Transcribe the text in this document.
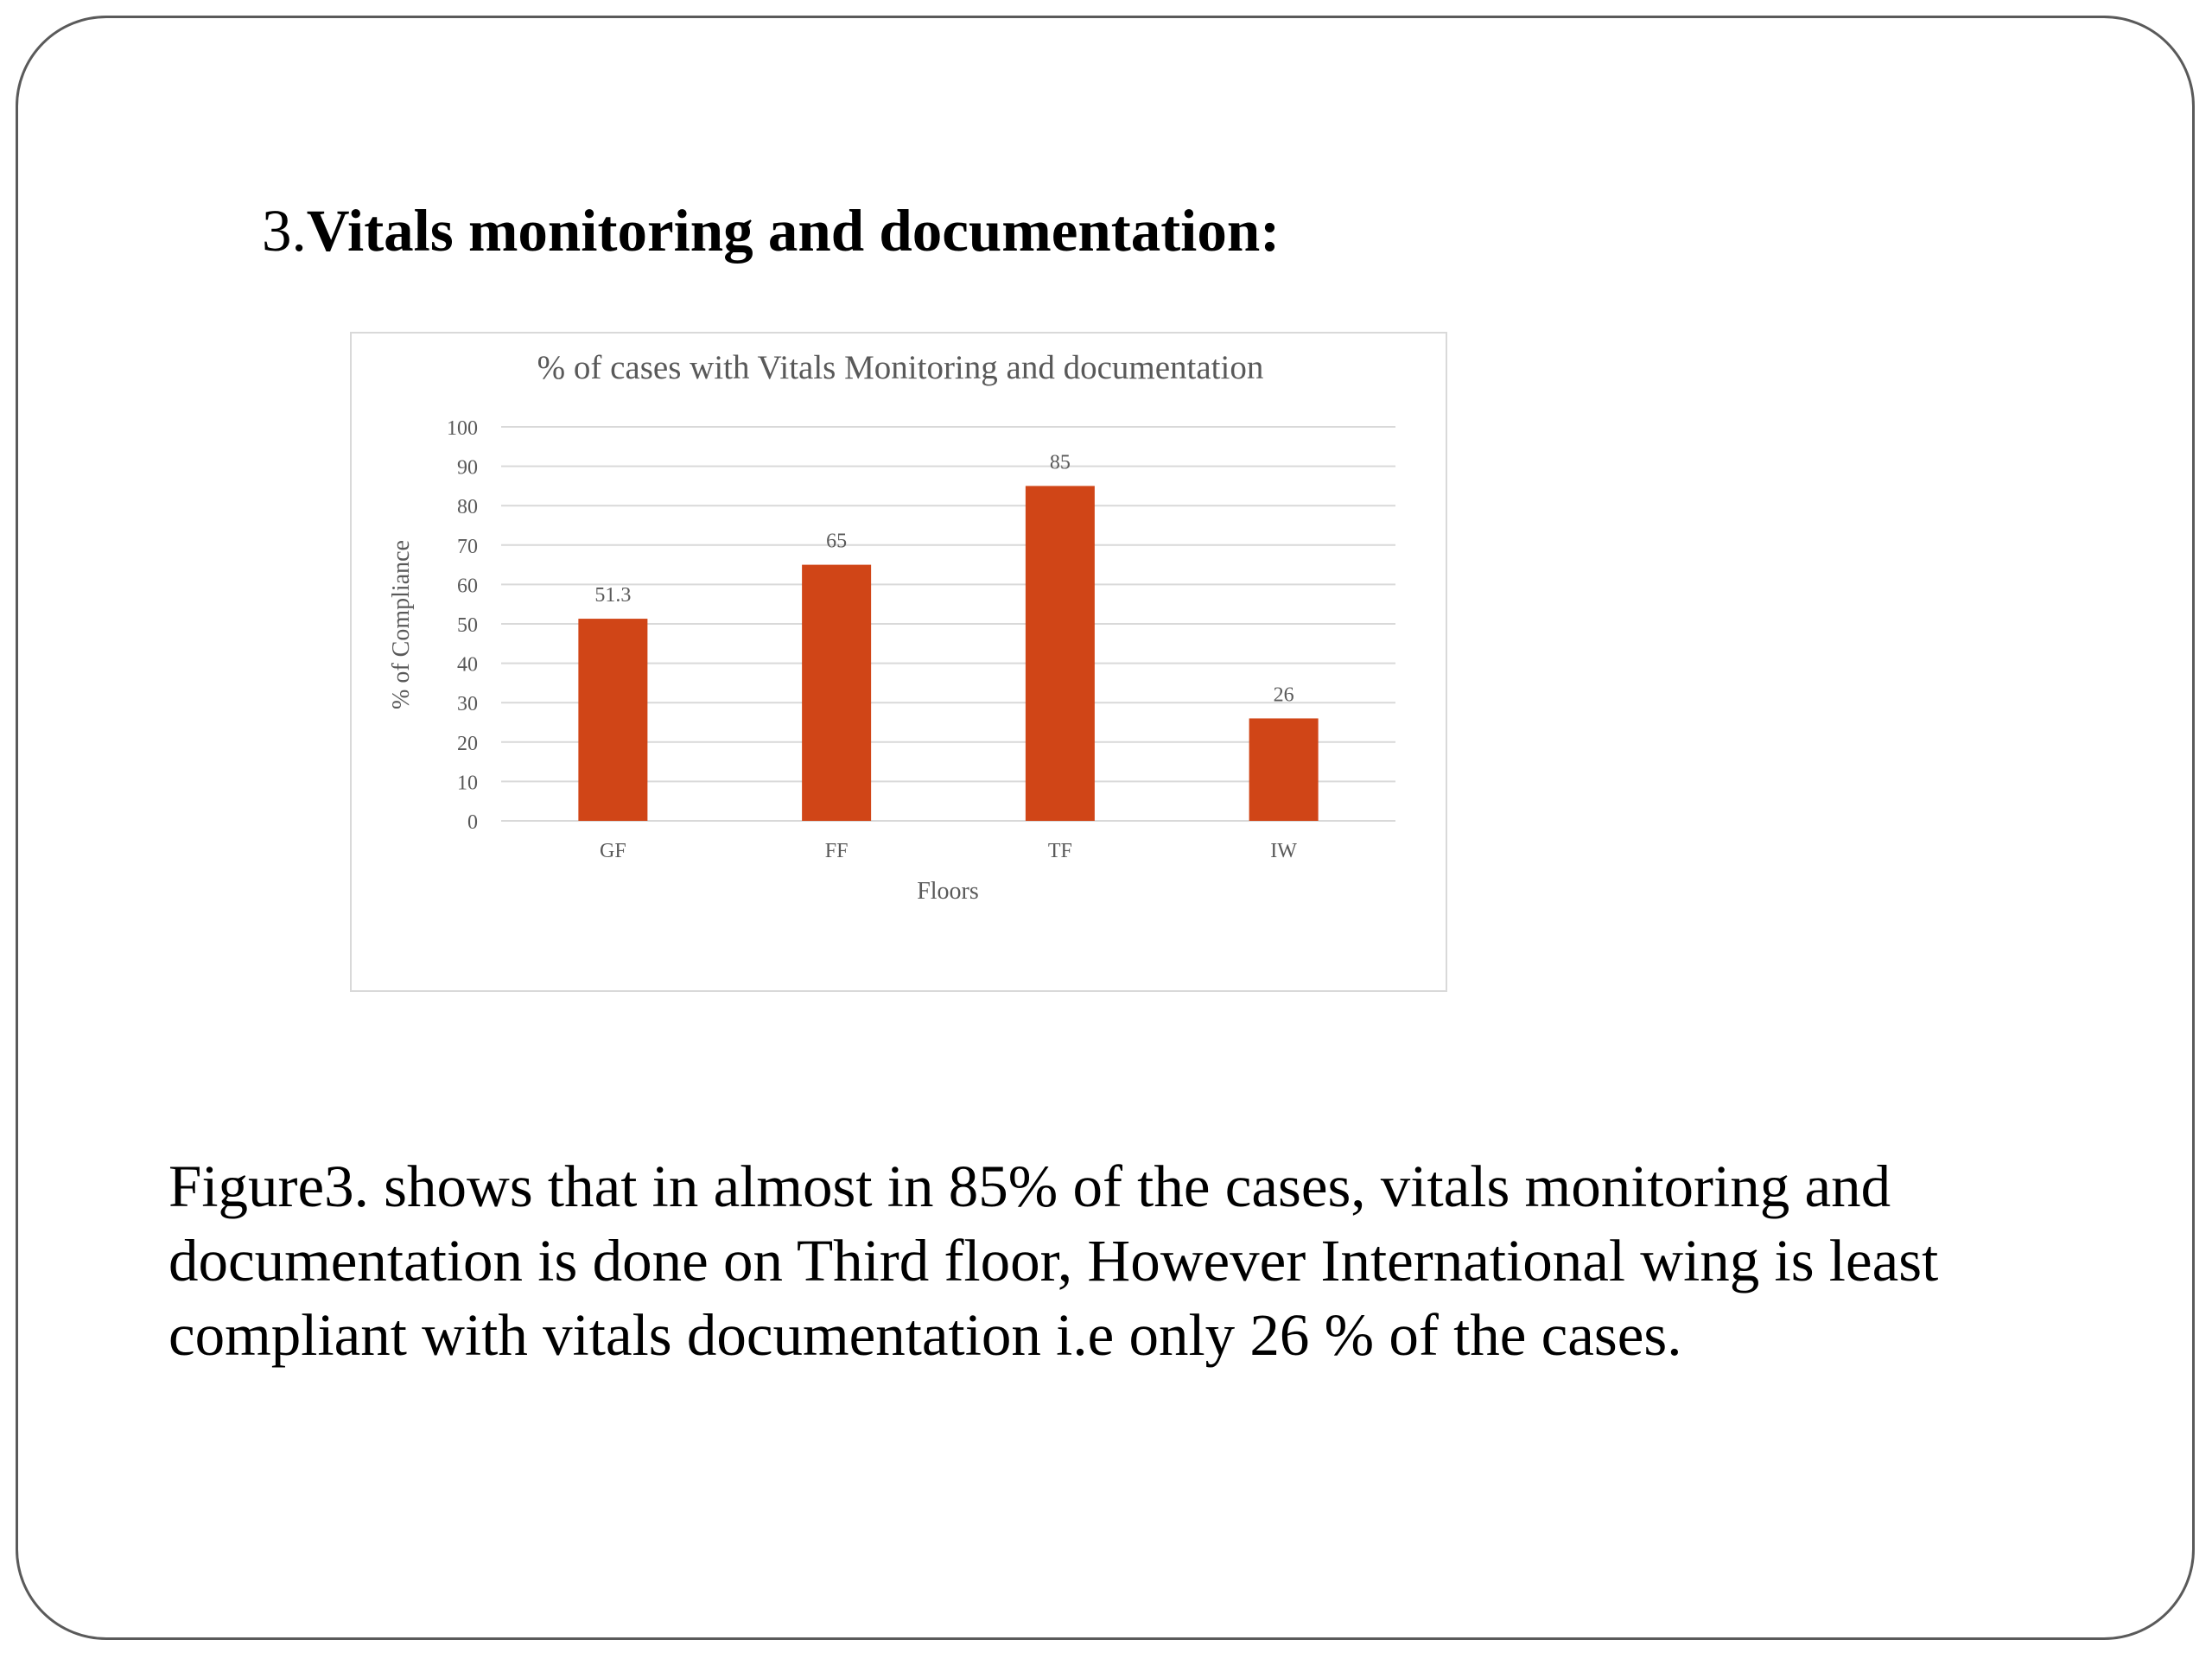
3.Vitals monitoring and documentation:
% of cases with Vitals Monitoring and documentation
0
10
20
30
40
50
60
70
80
90
100
51.3
65
85
26
GF	FF	TF	IW
Floors
% of Compliance

Figure3. shows that in almost in 85% of the cases, vitals monitoring and documentation is done on Third floor, However International wing is least compliant with vitals documentation i.e only 26 % of the cases.
